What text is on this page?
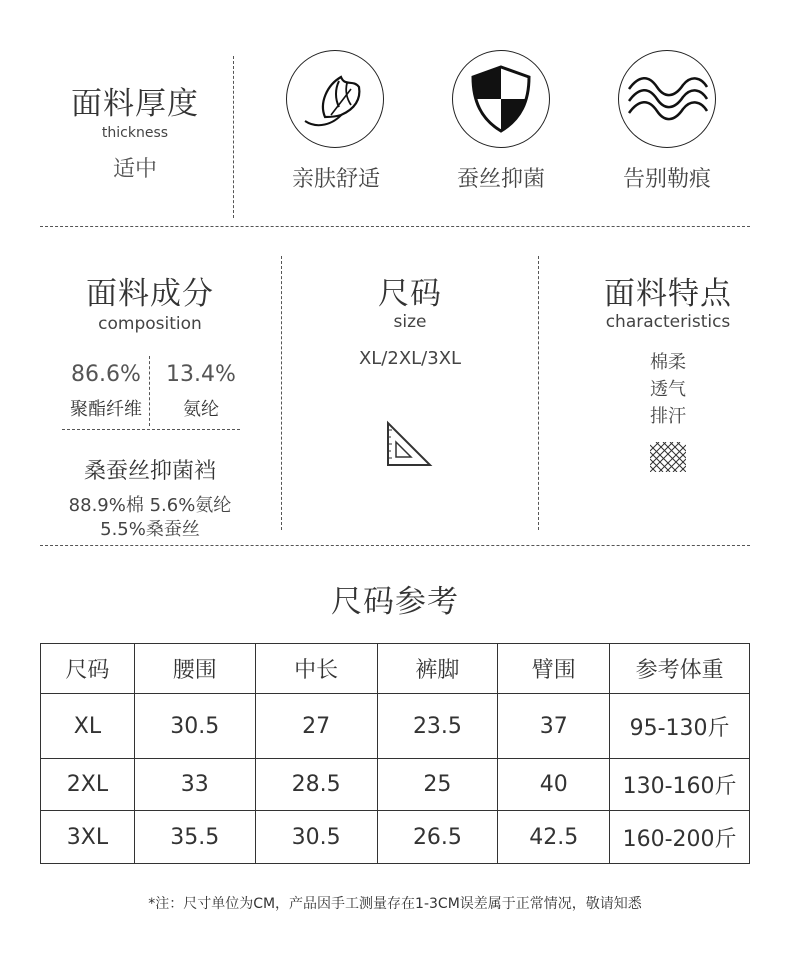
面料厚度
thickness
适中	亲肤舒适	蚕丝抑菌	告别勒痕
面料成分
composition
86.6%
聚酯纤维
13.4%
氨纶
桑蚕丝抑菌裆
88.9%棉 5.6%氨纶
5.5%桑蚕丝
尺码
size
XL/2XL/3XL
面料特点
characteristics
棉柔
透气
排汗
尺码参考
尺码	腰围	中长	裤脚	臂围	参考体重
XL	30.5	27	23.5	37	95-130斤
2XL	33	28.5	25	40	130-160斤
3XL	35.5	30.5	26.5	42.5	160-200斤
*注：尺寸单位为CM，产品因手工测量存在1-3CM误差属于正常情况，敬请知悉
